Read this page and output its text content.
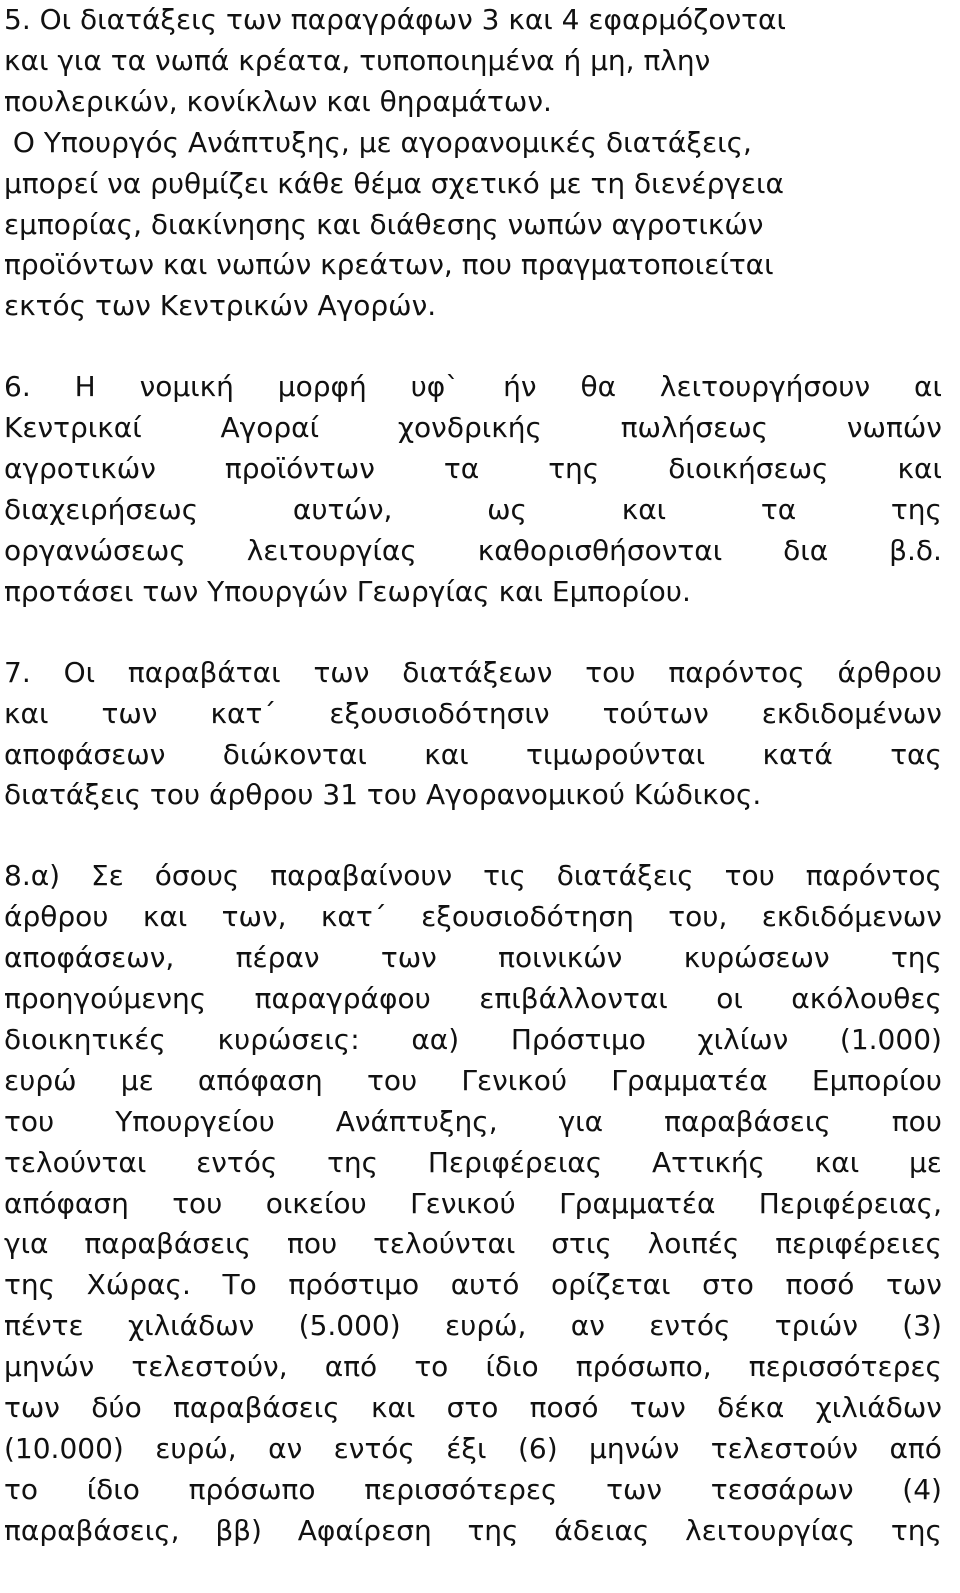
5. Οι διατάξεις των παραγράφων 3 και 4 εφαρμόζονται
και για τα νωπά κρέατα, τυποποιημένα ή μη, πλην
πουλερικών, κονίκλων και θηραμάτων.
Ο Υπουργός Ανάπτυξης, με αγορανομικές διατάξεις,
μπορεί να ρυθμίζει κάθε θέμα σχετικό με τη διενέργεια
εμπορίας, διακίνησης και διάθεσης νωπών αγροτικών
προϊόντων και νωπών κρεάτων, που πραγματοποιείται
εκτός των Κεντρικών Αγορών.
6. Η νομική μορφή υφ` ήν θα λειτουργήσουν αι
Κεντρικαί	Αγοραί	χονδρικής	πωλήσεως	νωπών
αγροτικών προϊόντων τα της διοικήσεως και
διαχειρήσεως	αυτών,	ως	και	τα	της
οργανώσεως λειτουργίας καθορισθήσονται δια β.δ.
προτάσει των Υπουργών Γεωργίας και Εμπορίου.
7. Οι παραβάται των διατάξεων του παρόντος άρθρου
και των κατ΄ εξουσιοδότησιν τούτων εκδιδομένων
αποφάσεων διώκονται και τιμωρούνται κατά τας
διατάξεις του άρθρου 31 του Αγορανομικού Κώδικος.
8.α) Σε όσους παραβαίνουν τις διατάξεις του παρόντος
άρθρου και των, κατ΄ εξουσιοδότηση του, εκδιδόμενων
αποφάσεων, πέραν των ποινικών κυρώσεων της
προηγούμενης παραγράφου επιβάλλονται οι ακόλουθες
διοικητικές κυρώσεις: αα) Πρόστιμο χιλίων (1.000)
ευρώ με απόφαση του Γενικού Γραμματέα Εμπορίου
του Υπουργείου Ανάπτυξης, για παραβάσεις που
τελούνται εντός της Περιφέρειας Αττικής και με
απόφαση του οικείου Γενικού Γραμματέα Περιφέρειας,
για παραβάσεις που τελούνται στις λοιπές περιφέρειες
της Χώρας. Το πρόστιμο αυτό ορίζεται στο ποσό των
πέντε χιλιάδων (5.000) ευρώ, αν εντός τριών (3)
μηνών τελεστούν, από το ίδιο πρόσωπο, περισσότερες
των δύο παραβάσεις και στο ποσό των δέκα χιλιάδων
(10.000) ευρώ, αν εντός έξι (6) μηνών τελεστούν από
το ίδιο πρόσωπο περισσότερες των τεσσάρων (4)
παραβάσεις, ββ) Αφαίρεση της άδειας λειτουργίας της
